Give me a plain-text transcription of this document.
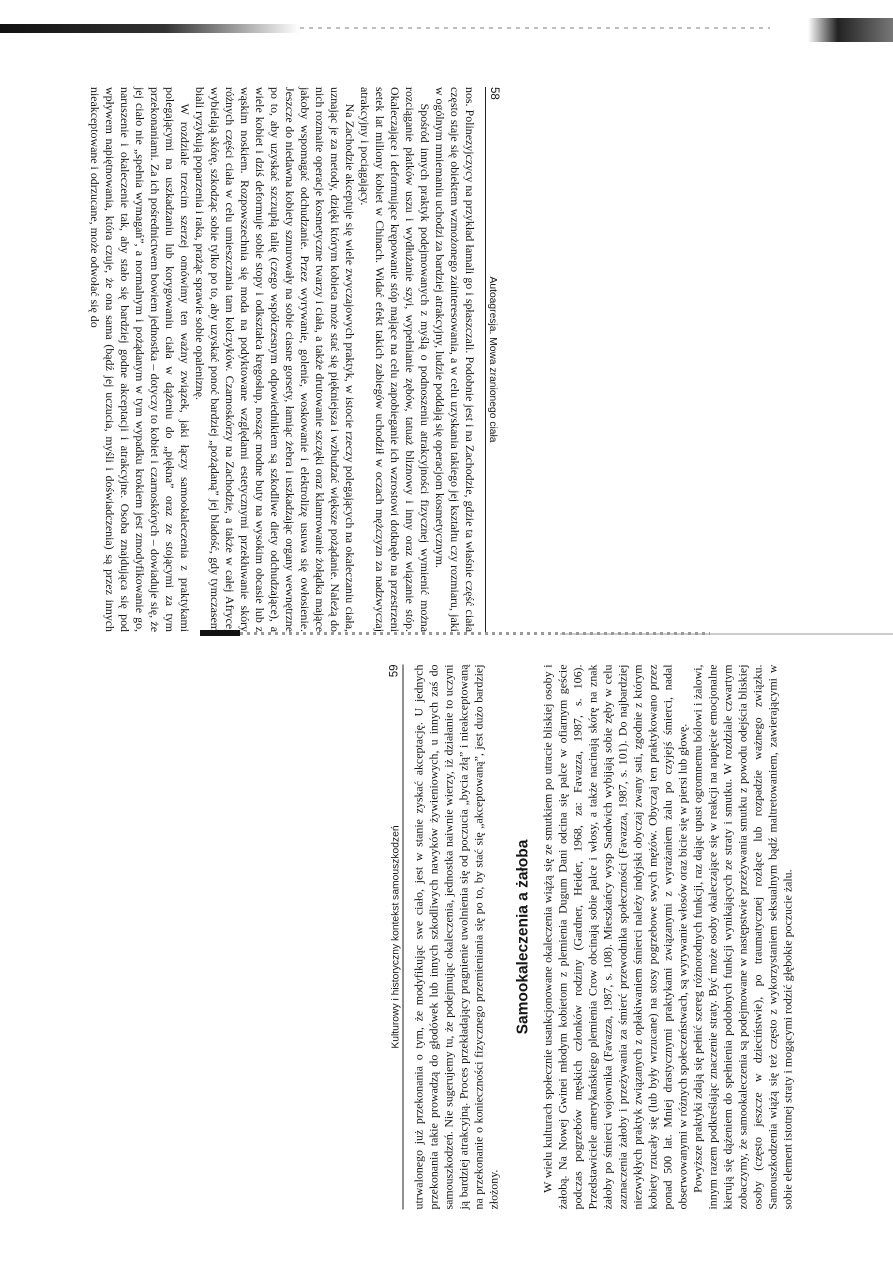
58
Autoagresja. Mowa zranionego ciała

nos. Polinezyjczycy na przykład łamali go i spłaszczali. Podobnie jest i na Zachodzie, gdzie ta właśnie część ciała często staje się obiektem wzmożonego zainteresowania, a w celu uzyskania takiego jej kształtu czy rozmiaru, jaki w ogólnym mniemaniu uchodzi za bardziej atrakcyjny, ludzie poddają się operacjom kosmetycznym.

Spośród innych praktyk podejmowanych z myślą o podnoszeniu atrakcyjności fizycznej wymienić można rozciąganie płatków uszu i wydłużanie szyi, wypełnianie zębów, tatuaż bliznowy i inny oraz wiązanie stóp. Okaleczające i deformujące krępowanie stóp mające na celu zapobieganie ich wzrostowi dotknęło na przestrzeni setek lat miliony kobiet w Chinach. Widać efekt takich zabiegów uchodził w oczach mężczyzn za nadzwyczaj atrakcyjny i pociągający.

Na Zachodzie akceptuje się wiele zwyczajowych praktyk, w istocie rzeczy polegających na okaleczaniu ciała, uznając je za metody, dzięki którym kobieta może stać się piękniejsza i wzbudzać większe pożądanie. Należą do nich rozmaite operacje kosmetyczne twarzy i ciała, a także drutowanie szczęki oraz klamrowanie żołądka mające jakoby wspomagać odchudzanie. Przez wyrywanie, golenie, woskowanie i elektrolizę usuwa się owłosienie. Jeszcze do niedawna kobiety sznurowały na sobie ciasne gorsety, łamiąc żebra i uszkadzając organy wewnętrzne po to, aby uzyskać szczupłą talię (czego współczesnym odpowiednikiem są szkodliwe diety odchudzające), a wiele kobiet i dziś deformuje sobie stopy i odkształca kręgosłup, nosząc modne buty na wysokim obcasie lub z wąskim noskiem. Rozpowszechnia się moda na podyktowane względami estetycznymi przekłuwanie skóry różnych części ciała w celu umieszczania tam kolczyków. Czarnoskórzy na Zachodzie, a także w całej Afryce, wybielają skórę, szkodząc sobie tylko po to, aby uzyskać ponoć bardziej „pożądaną” jej bladość, gdy tymczasem biali ryzykują poparzenia i raka, prażąc sprawie sobie opaleniznę.

W rozdziale trzecim szerzej omówimy ten ważny związek, jaki łączy samookaleczenia z praktykami polegającymi na uszkadzaniu lub korygowaniu ciała w dążeniu do „piękna” oraz ze stojącymi za tym przekonaniami. Za ich pośrednictwem bowiem jednostka – dotyczy to kobiet i czarnoskórych – dowiaduje się, że jej ciało nie „spełnia wymagań”, a normalnym i pożądanym w tym wypadku krokiem jest zmodyfikowanie go, naruszenie i okaleczenie tak, aby stało się bardziej godne akceptacji i atrakcyjne. Osoba znajdująca się pod wpływem napiętnowania, która czuje, że ona sama (bądź jej uczucia, myśli i doświadczenia) są przez innych nieakceptowane i odrzucane, może odwołać się do

Kulturowy i historyczny kontekst samouszkodzeń
59 utrwalonego już przekonania o tym, że modyfikując swe ciało, jest w stanie zyskać akceptację. U jednych przekonania takie prowadzą do głodówek lub innych szkodliwych nawyków żywieniowych, u innych zaś do samouszkodzeń. Nie sugerujemy tu, że podejmując okaleczenia, jednostka naiwnie wierzy, iż działanie to uczyni ją bardziej atrakcyjną. Proces przekładający pragnienie uwolnienia się od poczucia „bycia złą” i nieakceptowaną na przekonanie o konieczności fizycznego przemieniania się po to, by stać się „akceptowaną”, jest dużo bardziej złożony.

Samookaleczenia a żałoba W wielu kulturach społecznie usankcjonowane okaleczenia wiążą się ze smutkiem po utracie bliskiej osoby i żałobą. Na Nowej Gwinei młodym kobietom z plemienia Dugum Dani odcina się palce w ofiarnym geście podczas pogrzebów męskich członków rodziny (Gardner, Heider, 1968, za: Favazza, 1987, s. 106). Przedstawiciele amerykańskiego plemienia Crow obcinają sobie palce i włosy, a także nacinają skórę na znak żałoby po śmierci wojownika (Favazza, 1987, s. 108). Mieszkańcy wysp Sandwich wybijają sobie zęby w celu zaznaczenia żałoby i przeżywania za śmierć przewodnika społeczności (Favazza, 1987, s. 101). Do najbardziej niezwykłych praktyk związanych z opłakiwaniem śmierci należy indyjski obyczaj zwany sati, zgodnie z którym kobiety rzucały się (lub były wrzucane) na stosy pogrzebowe swych mężów. Obyczaj ten praktykowano przez ponad 500 lat. Mniej drastycznymi praktykami związanymi z wyrażaniem żalu po czyjejś śmierci, nadal obserwowanymi w różnych społeczeństwach, są wyrywanie włosów oraz bicie się w piersi lub głowę. Powyższe praktyki zdają się pełnić szereg różnorodnych funkcji, raz dając upust ogromnemu bólowi i żalowi, innym razem podkreślając znaczenie straty. Być może osoby okaleczające się w reakcji na napięcie emocjonalne kierują się dążeniem do spełnienia podobnych funkcji wynikających ze straty i smutku. W rozdziale czwartym zobaczymy, że samookaleczenia są podejmowane w następstwie przeżywania smutku z powodu odejścia bliskiej osoby (często jeszcze w dzieciństwie), po traumatycznej rozłące lub rozpadzie ważnego związku. Samouszkodzenia wiążą się też często z wykorzystaniem seksualnym bądź maltretowaniem, zawierającymi w sobie element istotnej straty i mogącymi rodzić głębokie poczucie żalu.
